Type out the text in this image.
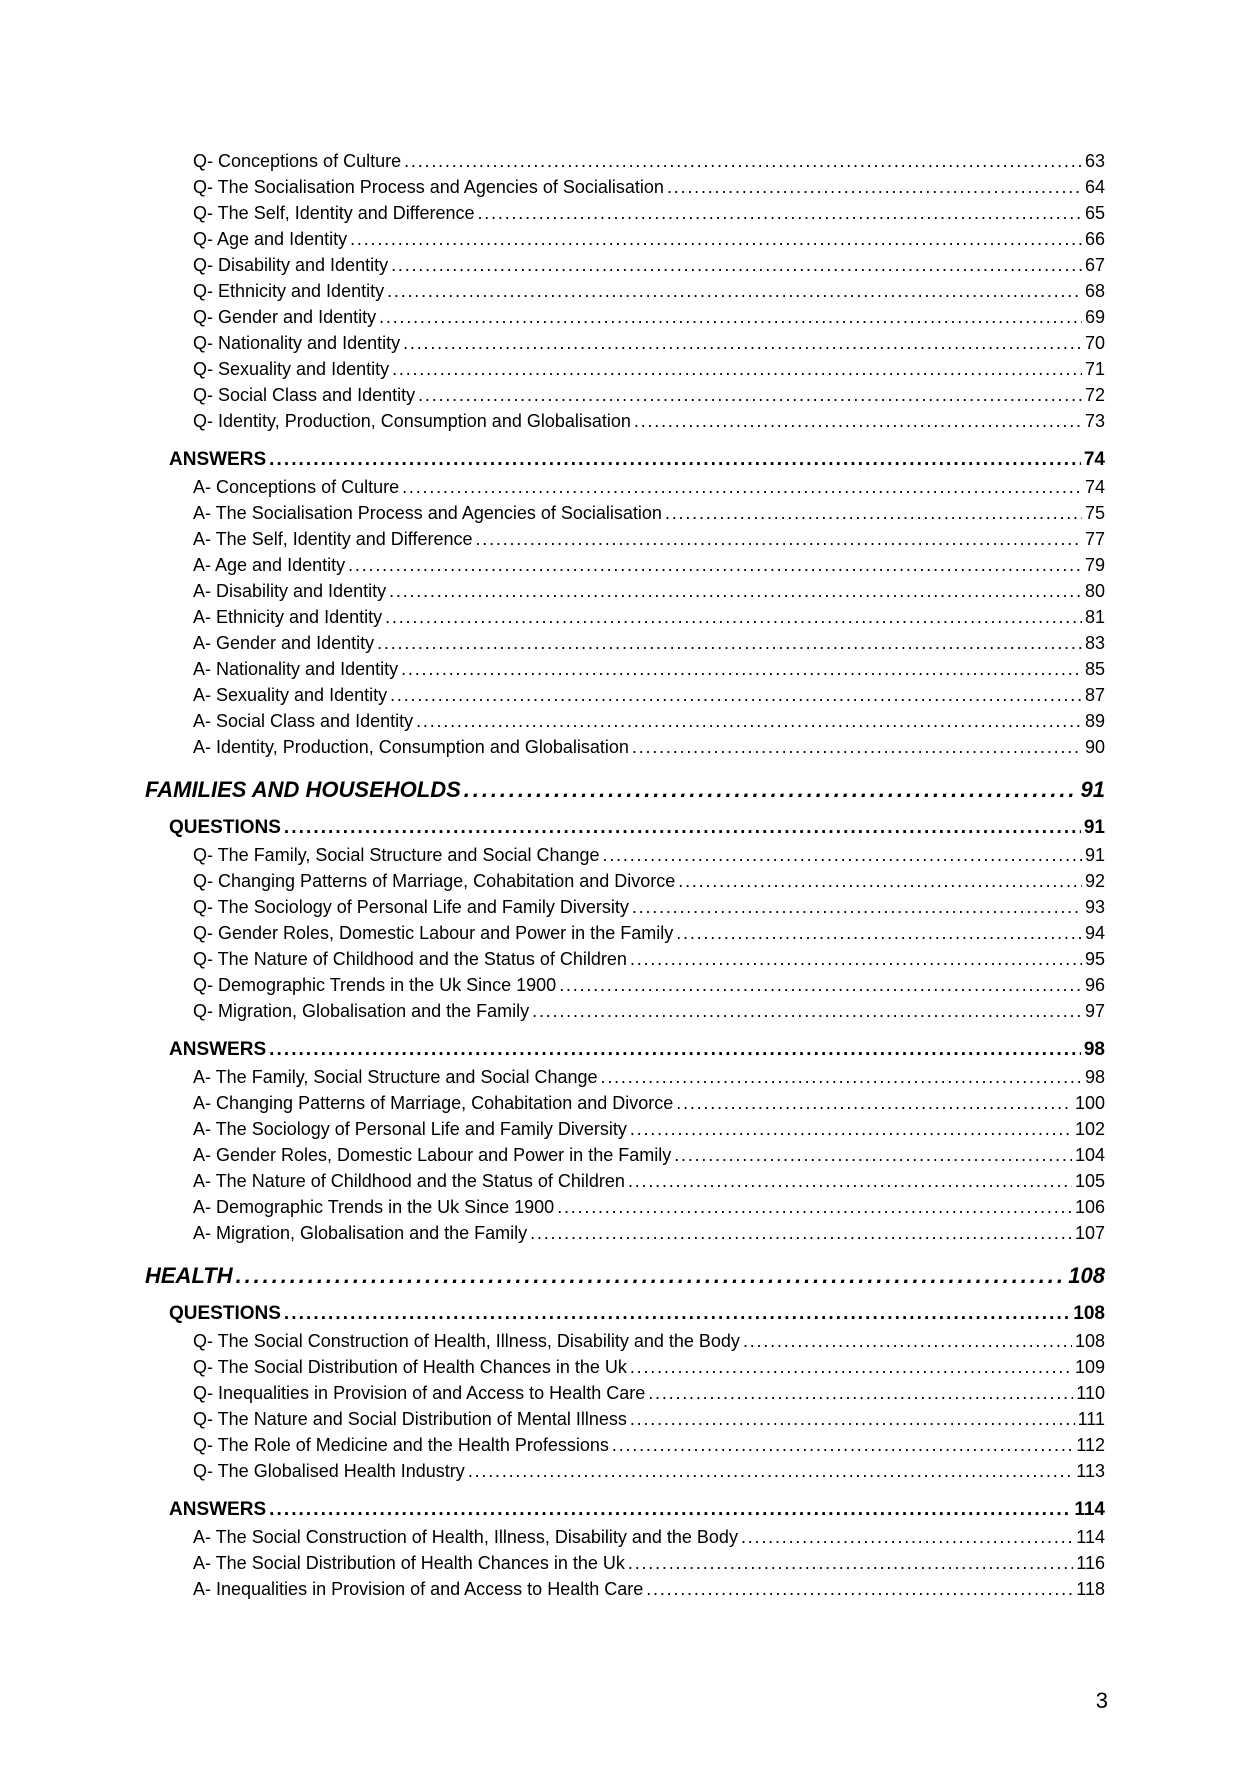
Q- Conceptions of Culture . . .	63
Q- The Socialisation Process and Agencies of Socialisation . . .	64
Q- The Self, Identity and Difference . . .	65
Q- Age and Identity . . .	66
Q- Disability and Identity . . .	67
Q- Ethnicity and Identity . . .	68
Q- Gender and Identity . . .	69
Q- Nationality and Identity . . .	70
Q- Sexuality and Identity . . .	71
Q- Social Class and Identity . . .	72
Q- Identity, Production, Consumption and Globalisation . . .	73
ANSWERS . . .	74
A- Conceptions of Culture . . .	74
A- The Socialisation Process and Agencies of Socialisation . . .	75
A- The Self, Identity and Difference . . .	77
A- Age and Identity . . .	79
A- Disability and Identity . . .	80
A- Ethnicity and Identity . . .	81
A- Gender and Identity . . .	83
A- Nationality and Identity . . .	85
A- Sexuality and Identity . . .	87
A- Social Class and Identity . . .	89
A- Identity, Production, Consumption and Globalisation . . .	90
FAMILIES AND HOUSEHOLDS . . .	91
QUESTIONS . . .	91
Q- The Family, Social Structure and Social Change . . .	91
Q- Changing Patterns of Marriage, Cohabitation and Divorce . . .	92
Q- The Sociology of Personal Life and Family Diversity . . .	93
Q- Gender Roles, Domestic Labour and Power in the Family . . .	94
Q- The Nature of Childhood and the Status of Children . . .	95
Q- Demographic Trends in the Uk Since 1900 . . .	96
Q- Migration, Globalisation and the Family . . .	97
ANSWERS . . .	98
A- The Family, Social Structure and Social Change . . .	98
A- Changing Patterns of Marriage, Cohabitation and Divorce . . .	100
A- The Sociology of Personal Life and Family Diversity . . .	102
A- Gender Roles, Domestic Labour and Power in the Family . . .	104
A- The Nature of Childhood and the Status of Children . . .	105
A- Demographic Trends in the Uk Since 1900 . . .	106
A- Migration, Globalisation and the Family . . .	107
HEALTH . . .	108
QUESTIONS . . .	108
Q- The Social Construction of Health, Illness, Disability and the Body . . .	108
Q- The Social Distribution of Health Chances in the Uk . . .	109
Q- Inequalities in Provision of and Access to Health Care . . .	110
Q- The Nature and Social Distribution of Mental Illness . . .	111
Q- The Role of Medicine and the Health Professions . . .	112
Q- The Globalised Health Industry . . .	113
ANSWERS . . .	114
A- The Social Construction of Health, Illness, Disability and the Body . . .	114
A- The Social Distribution of Health Chances in the Uk . . .	116
A- Inequalities in Provision of and Access to Health Care . . .	118
3
